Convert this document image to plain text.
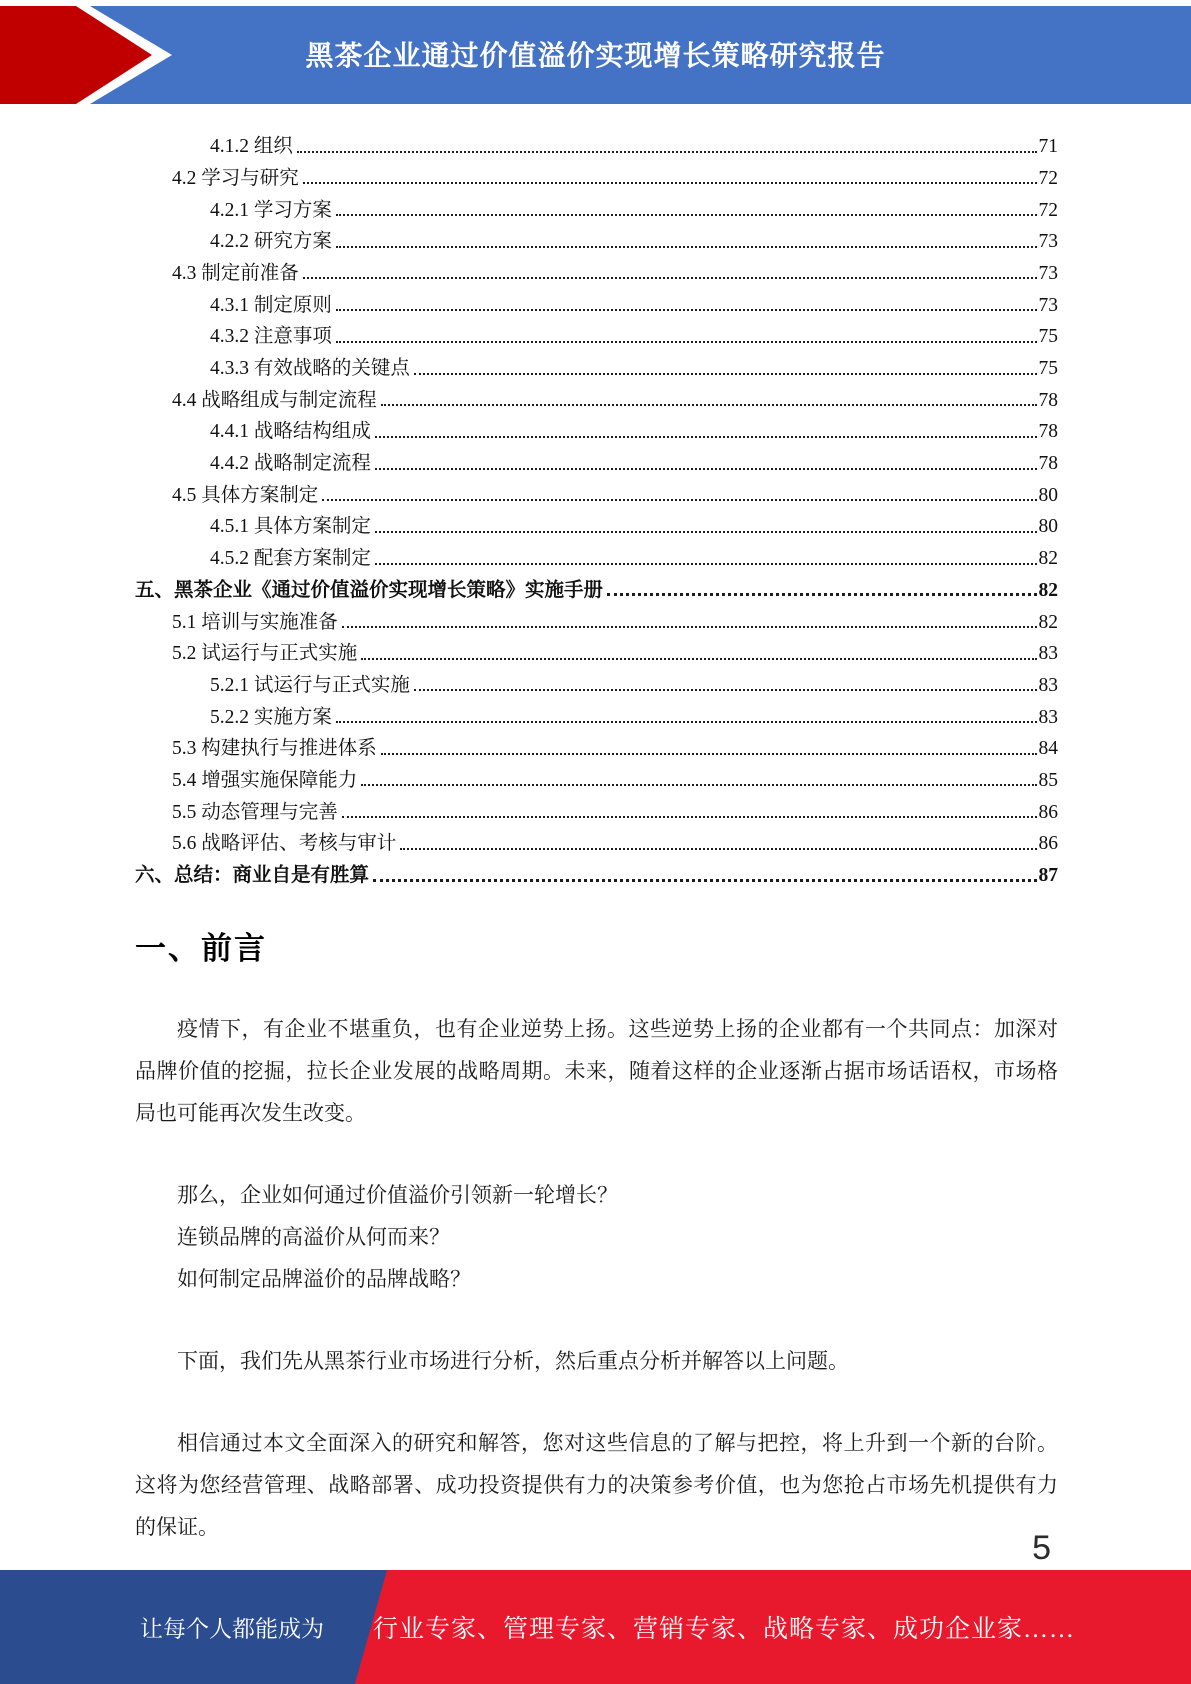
黑茶企业通过价值溢价实现增长策略研究报告
4.1.2 组织	71
4.2 学习与研究	72
4.2.1 学习方案	72
4.2.2 研究方案	73
4.3 制定前准备	73
4.3.1 制定原则	73
4.3.2 注意事项	75
4.3.3 有效战略的关键点	75
4.4 战略组成与制定流程	78
4.4.1 战略结构组成	78
4.4.2 战略制定流程	78
4.5 具体方案制定	80
4.5.1 具体方案制定	80
4.5.2 配套方案制定	82
五、黑茶企业《通过价值溢价实现增长策略》实施手册	82
5.1 培训与实施准备	82
5.2 试运行与正式实施	83
5.2.1 试运行与正式实施	83
5.2.2 实施方案	83
5.3 构建执行与推进体系	84
5.4 增强实施保障能力	85
5.5 动态管理与完善	86
5.6 战略评估、考核与审计	86
六、总结：商业自是有胜算	87
一、前言

疫情下，有企业不堪重负，也有企业逆势上扬。这些逆势上扬的企业都有一个共同点：加深对品牌价值的挖掘，拉长企业发展的战略周期。未来，随着这样的企业逐渐占据市场话语权，市场格局也可能再次发生改变。

那么，企业如何通过价值溢价引领新一轮增长？

连锁品牌的高溢价从何而来？

如何制定品牌溢价的品牌战略？

下面，我们先从黑茶行业市场进行分析，然后重点分析并解答以上问题。

相信通过本文全面深入的研究和解答，您对这些信息的了解与把控，将上升到一个新的台阶。这将为您经营管理、战略部署、成功投资提供有力的决策参考价值，也为您抢占市场先机提供有力的保证。

5
让每个人都能成为 行业专家、管理专家、营销专家、战略专家、成功企业家……
